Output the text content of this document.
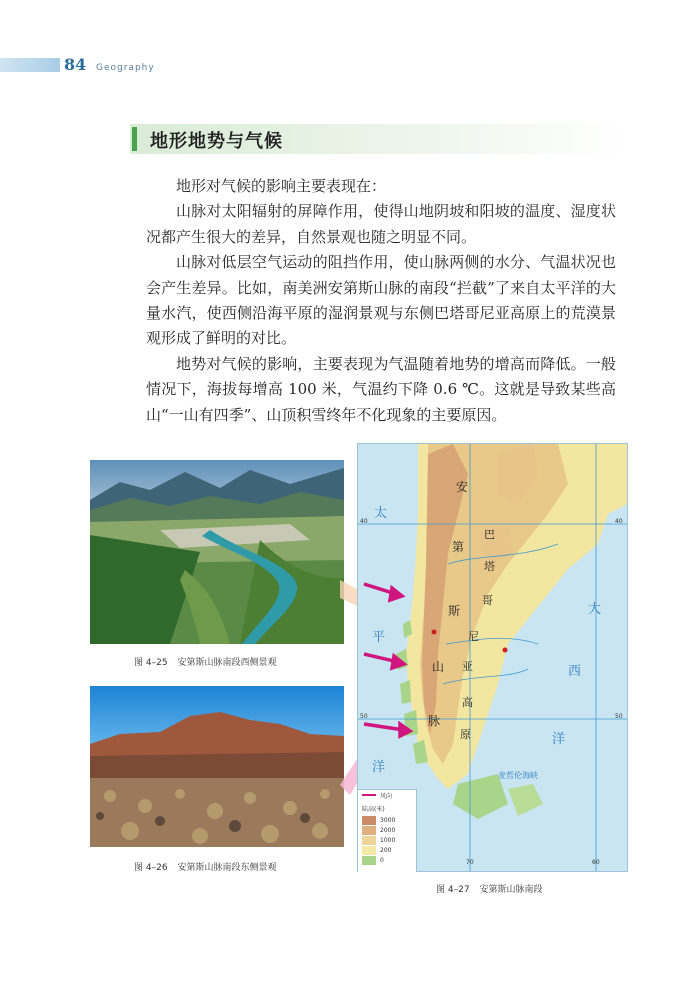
84 Geography
地形地势与气候

地形对气候的影响主要表现在：

山脉对太阳辐射的屏障作用，使得山地阴坡和阳坡的温度、湿度状况都产生很大的差异，自然景观也随之明显不同。

山脉对低层空气运动的阻挡作用，使山脉两侧的水分、气温状况也会产生差异。比如，南美洲安第斯山脉的南段“拦截”了来自太平洋的大量水汽，使西侧沿海平原的湿润景观与东侧巴塔哥尼亚高原上的荒漠景观形成了鲜明的对比。

地势对气候的影响，主要表现为气温随着地势的增高而降低。一般情况下，海拔每增高 100 米，气温约下降 0.6 ℃。这就是导致某些高山“一山有四季”、山顶积雪终年不化现象的主要原因。

图 4–25 安第斯山脉南段西侧景观
图 4–26 安第斯山脉南段东侧景观
安
第
斯
山
脉
巴
塔
哥
尼
亚
高
原
太
平
洋
大
西
洋
麦哲伦海峡
40	40
50	50
70	60
风向
陆高(米)
3000
2000
1000
200
0
图 4–27 安第斯山脉南段
